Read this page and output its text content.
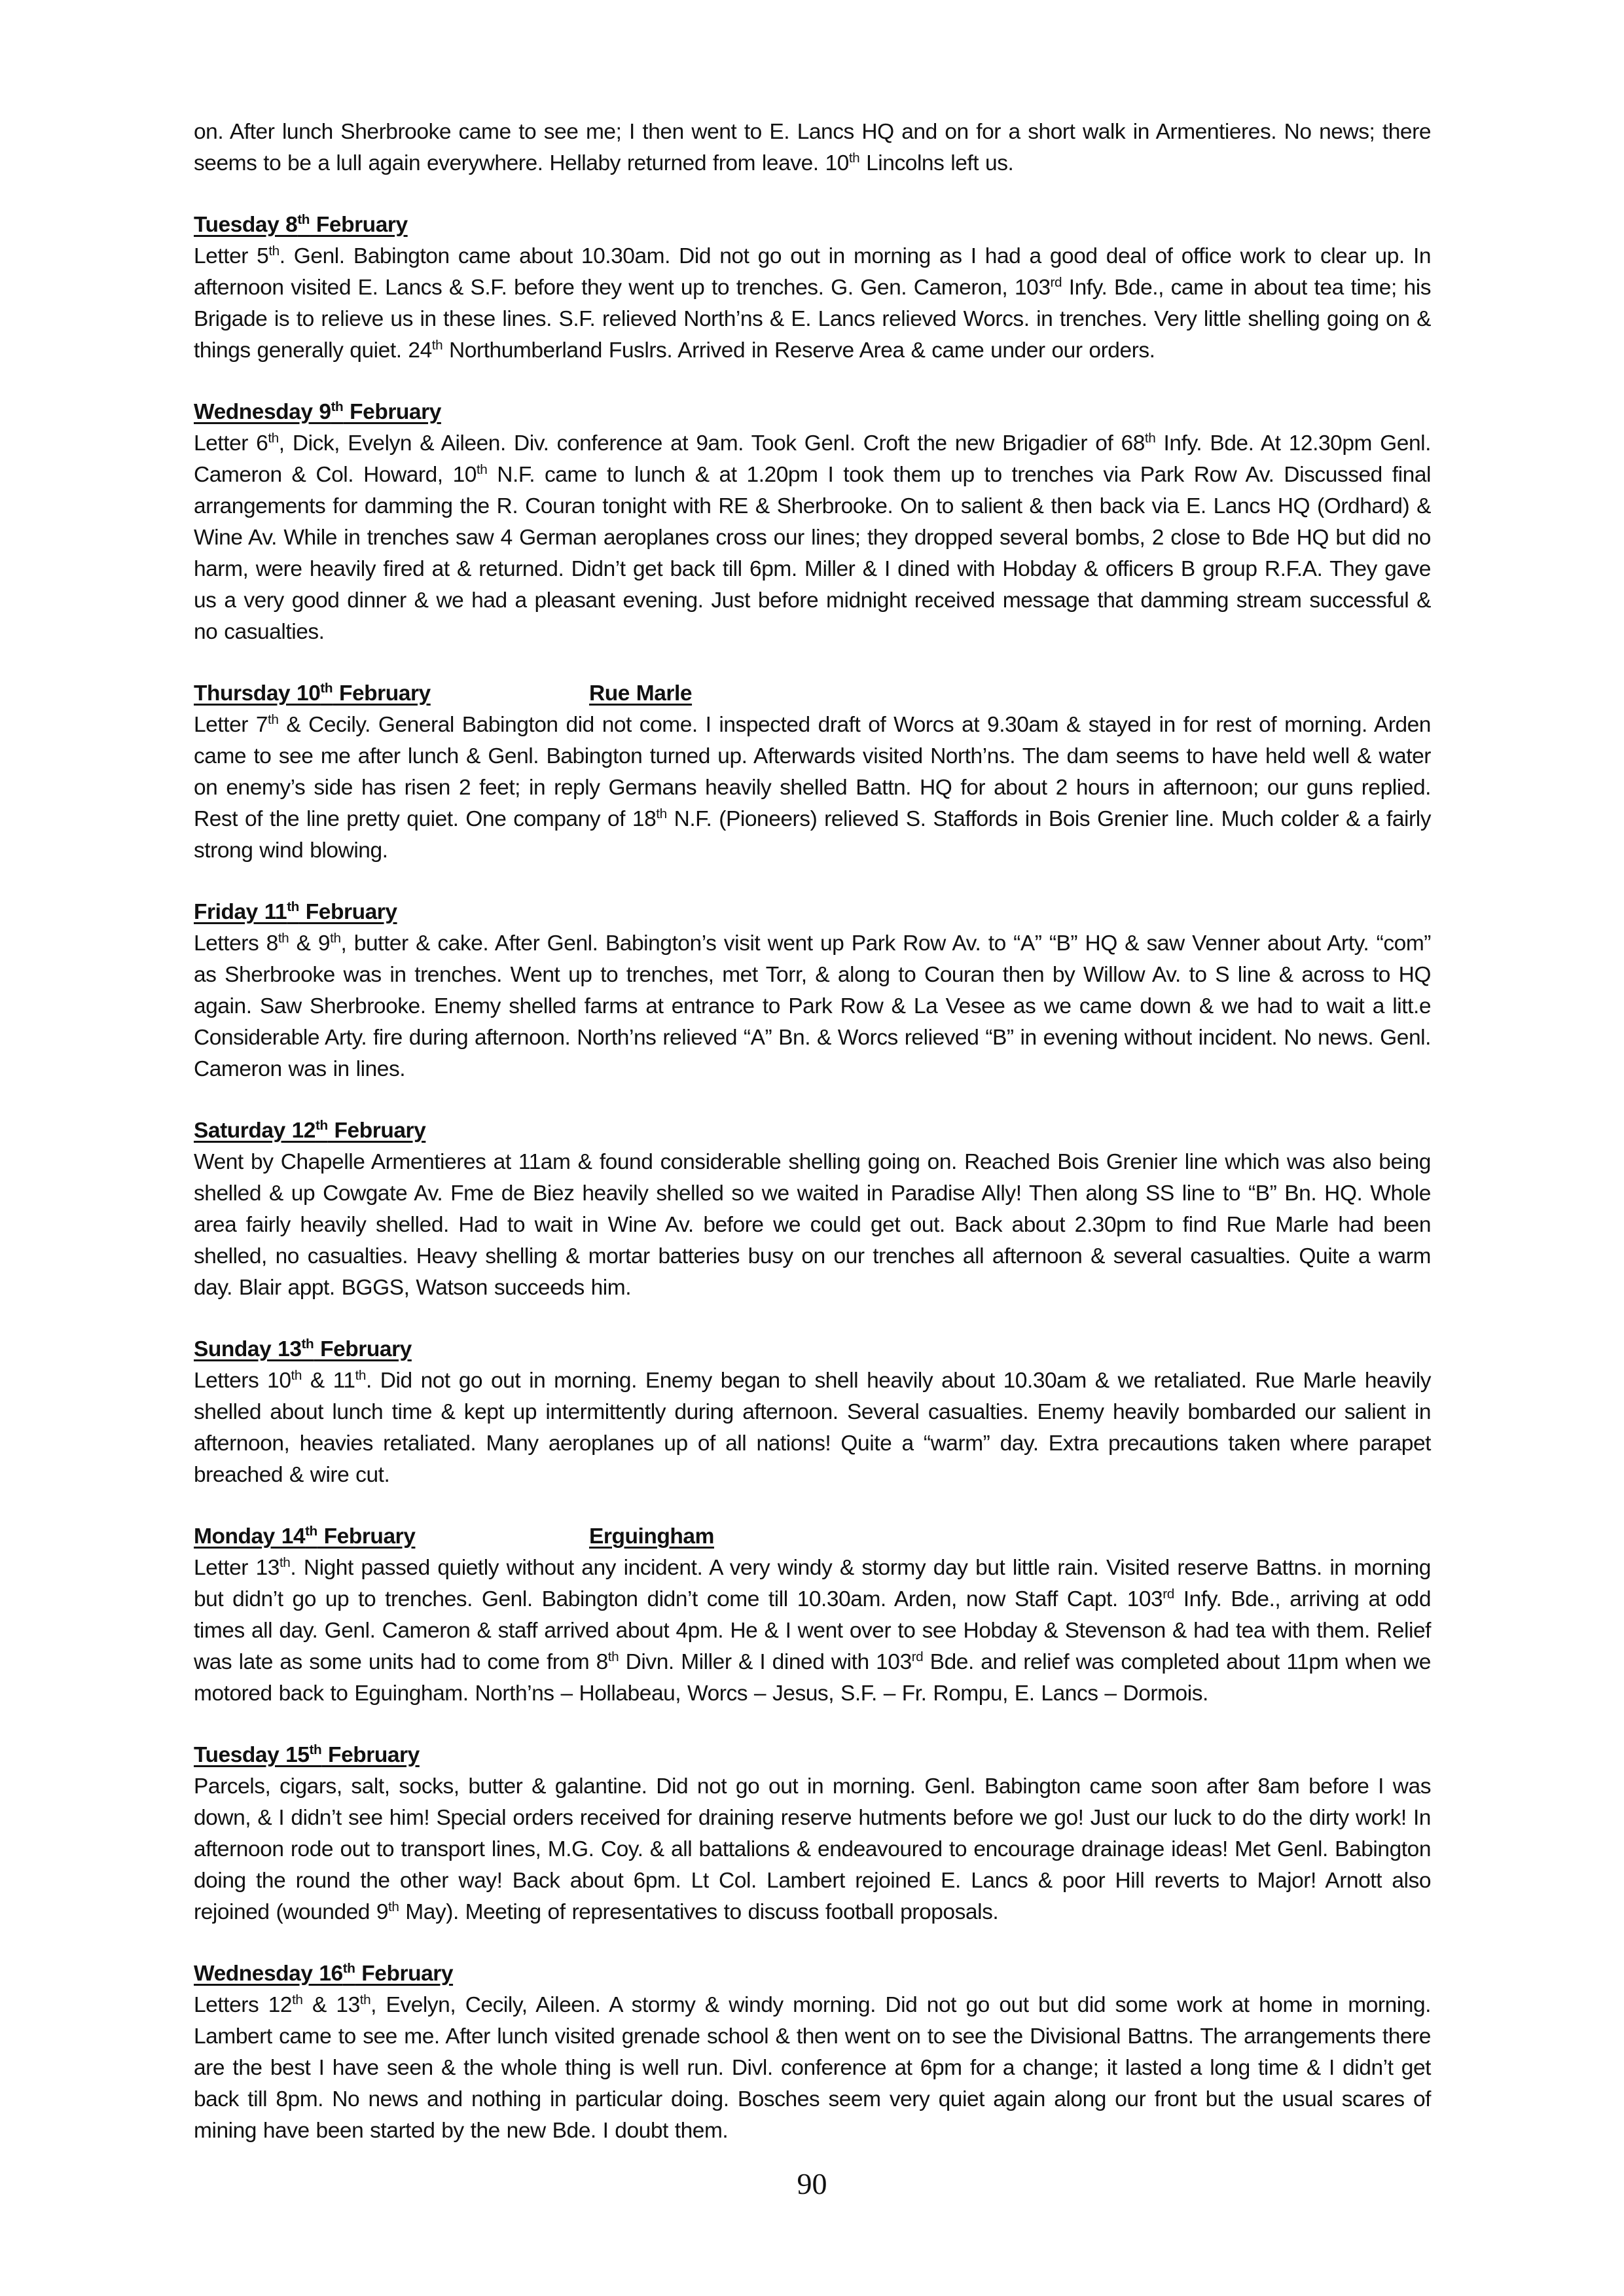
on. After lunch Sherbrooke came to see me; I then went to E. Lancs HQ and on for a short walk in Armentieres. No news; there seems to be a lull again everywhere. Hellaby returned from leave. 10th Lincolns left us.
Tuesday 8th February
Letter 5th. Genl. Babington came about 10.30am. Did not go out in morning as I had a good deal of office work to clear up. In afternoon visited E. Lancs & S.F. before they went up to trenches. G. Gen. Cameron, 103rd Infy. Bde., came in about tea time; his Brigade is to relieve us in these lines. S.F. relieved North’ns & E. Lancs relieved Worcs. in trenches. Very little shelling going on & things generally quiet. 24th Northumberland Fuslrs. Arrived in Reserve Area & came under our orders.
Wednesday 9th February
Letter 6th, Dick, Evelyn & Aileen. Div. conference at 9am. Took Genl. Croft the new Brigadier of 68th Infy. Bde. At 12.30pm Genl. Cameron & Col. Howard, 10th N.F. came to lunch & at 1.20pm I took them up to trenches via Park Row Av. Discussed final arrangements for damming the R. Couran tonight with RE & Sherbrooke. On to salient & then back via E. Lancs HQ (Ordhard) & Wine Av. While in trenches saw 4 German aeroplanes cross our lines; they dropped several bombs, 2 close to Bde HQ but did no harm, were heavily fired at & returned. Didn’t get back till 6pm. Miller & I dined with Hobday & officers B group R.F.A. They gave us a very good dinner & we had a pleasant evening. Just before midnight received message that damming stream successful & no casualties.
Thursday 10th February	Rue Marle
Letter 7th & Cecily. General Babington did not come. I inspected draft of Worcs at 9.30am & stayed in for rest of morning. Arden came to see me after lunch & Genl. Babington turned up. Afterwards visited North’ns. The dam seems to have held well & water on enemy’s side has risen 2 feet; in reply Germans heavily shelled Battn. HQ for about 2 hours in afternoon; our guns replied. Rest of the line pretty quiet. One company of 18th N.F. (Pioneers) relieved S. Staffords in Bois Grenier line. Much colder & a fairly strong wind blowing.
Friday 11th February
Letters 8th & 9th, butter & cake. After Genl. Babington’s visit went up Park Row Av. to “A” “B” HQ & saw Venner about Arty. “com” as Sherbrooke was in trenches. Went up to trenches, met Torr, & along to Couran then by Willow Av. to S line & across to HQ again. Saw Sherbrooke. Enemy shelled farms at entrance to Park Row & La Vesee as we came down & we had to wait a litt.e Considerable Arty. fire during afternoon. North’ns relieved “A” Bn. & Worcs relieved “B” in evening without incident. No news. Genl. Cameron was in lines.
Saturday 12th February
Went by Chapelle Armentieres at 11am & found considerable shelling going on. Reached Bois Grenier line which was also being shelled & up Cowgate Av. Fme de Biez heavily shelled so we waited in Paradise Ally! Then along SS line to “B” Bn. HQ. Whole area fairly heavily shelled. Had to wait in Wine Av. before we could get out. Back about 2.30pm to find Rue Marle had been shelled, no casualties. Heavy shelling & mortar batteries busy on our trenches all afternoon & several casualties. Quite a warm day. Blair appt. BGGS, Watson succeeds him.
Sunday 13th February
Letters 10th & 11th. Did not go out in morning. Enemy began to shell heavily about 10.30am & we retaliated. Rue Marle heavily shelled about lunch time & kept up intermittently during afternoon. Several casualties. Enemy heavily bombarded our salient in afternoon, heavies retaliated. Many aeroplanes up of all nations! Quite a “warm” day. Extra precautions taken where parapet breached & wire cut.
Monday 14th February	Erguingham
Letter 13th. Night passed quietly without any incident. A very windy & stormy day but little rain. Visited reserve Battns. in morning but didn’t go up to trenches. Genl. Babington didn’t come till 10.30am. Arden, now Staff Capt. 103rd Infy. Bde., arriving at odd times all day. Genl. Cameron & staff arrived about 4pm. He & I went over to see Hobday & Stevenson & had tea with them. Relief was late as some units had to come from 8th Divn. Miller & I dined with 103rd Bde. and relief was completed about 11pm when we motored back to Eguingham. North’ns – Hollabeau, Worcs – Jesus, S.F. – Fr. Rompu, E. Lancs – Dormois.
Tuesday 15th February
Parcels, cigars, salt, socks, butter & galantine. Did not go out in morning. Genl. Babington came soon after 8am before I was down, & I didn’t see him! Special orders received for draining reserve hutments before we go! Just our luck to do the dirty work! In afternoon rode out to transport lines, M.G. Coy. & all battalions & endeavoured to encourage drainage ideas! Met Genl. Babington doing the round the other way! Back about 6pm. Lt Col. Lambert rejoined E. Lancs & poor Hill reverts to Major! Arnott also rejoined (wounded 9th May). Meeting of representatives to discuss football proposals.
Wednesday 16th February
Letters 12th & 13th, Evelyn, Cecily, Aileen. A stormy & windy morning. Did not go out but did some work at home in morning. Lambert came to see me. After lunch visited grenade school & then went on to see the Divisional Battns. The arrangements there are the best I have seen & the whole thing is well run. Divl. conference at 6pm for a change; it lasted a long time & I didn’t get back till 8pm. No news and nothing in particular doing. Bosches seem very quiet again along our front but the usual scares of mining have been started by the new Bde. I doubt them.
90
